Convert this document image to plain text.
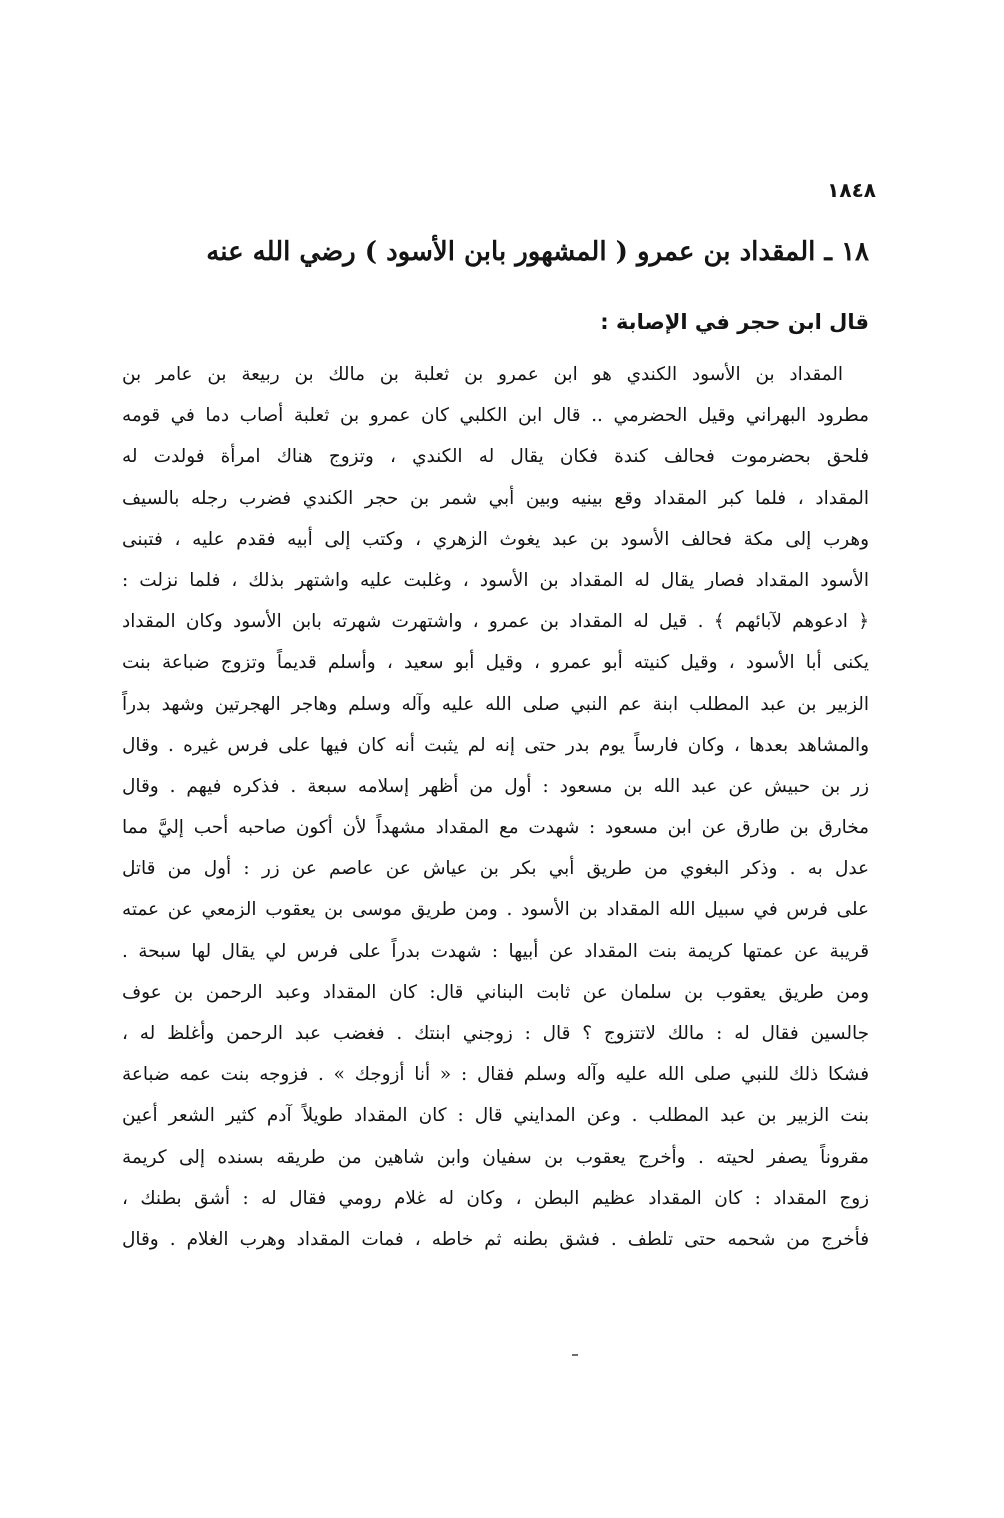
١٨٤٨

١٨ ـ المقداد بن عمرو ( المشهور بابن الأسود ) رضي الله عنه
قال ابن حجر في الإصابة :
المقداد بن الأسود الكندي هو ابن عمرو بن ثعلبة بن مالك بن ربيعة بن عامر بن
مطرود البهراني وقيل الحضرمي .. قال ابن الكلبي كان عمرو بن ثعلبة أصاب دما في قومه
فلحق بحضرموت فحالف كندة فكان يقال له الكندي ، وتزوج هناك امرأة فولدت له
المقداد ، فلما كبر المقداد وقع بينيه وبين أبي شمر بن حجر الكندي فضرب رجله بالسيف
وهرب إلى مكة فحالف الأسود بن عبد يغوث الزهري ، وكتب إلى أبيه فقدم عليه ، فتبنى
الأسود المقداد فصار يقال له المقداد بن الأسود ، وغلبت عليه واشتهر بذلك ، فلما نزلت :
﴿ ادعوهم لآبائهم ﴾ . قيل له المقداد بن عمرو ، واشتهرت شهرته بابن الأسود وكان المقداد
يكنى أبا الأسود ، وقيل كنيته أبو عمرو ، وقيل أبو سعيد ، وأسلم قديماً وتزوج ضباعة بنت
الزبير بن عبد المطلب ابنة عم النبي صلى الله عليه وآله وسلم وهاجر الهجرتين وشهد بدراً
والمشاهد بعدها ، وكان فارساً يوم بدر حتى إنه لم يثبت أنه كان فيها على فرس غيره . وقال
زر بن حبيش عن عبد الله بن مسعود : أول من أظهر إسلامه سبعة . فذكره فيهم . وقال
مخارق بن طارق عن ابن مسعود : شهدت مع المقداد مشهداً لأن أكون صاحبه أحب إليَّ مما
عدل به . وذكر البغوي من طريق أبي بكر بن عياش عن عاصم عن زر : أول من قاتل
على فرس في سبيل الله المقداد بن الأسود . ومن طريق موسى بن يعقوب الزمعي عن عمته
قريبة عن عمتها كريمة بنت المقداد عن أبيها : شهدت بدراً على فرس لي يقال لها سبحة .
ومن طريق يعقوب بن سلمان عن ثابت البناني قال: كان المقداد وعبد الرحمن بن عوف
جالسين فقال له : مالك لاتتزوج ؟ قال : زوجني ابنتك . فغضب عبد الرحمن وأغلظ له ،
فشكا ذلك للنبي صلى الله عليه وآله وسلم فقال : « أنا أزوجك » . فزوجه بنت عمه ضباعة
بنت الزبير بن عبد المطلب . وعن المدايني قال : كان المقداد طويلاً آدم كثير الشعر أعين
مقروناً يصفر لحيته . وأخرج يعقوب بن سفيان وابن شاهين من طريقه بسنده إلى كريمة
زوج المقداد : كان المقداد عظيم البطن ، وكان له غلام رومي فقال له : أشق بطنك ،
فأخرج من شحمه حتى تلطف . فشق بطنه ثم خاطه ، فمات المقداد وهرب الغلام . وقال
